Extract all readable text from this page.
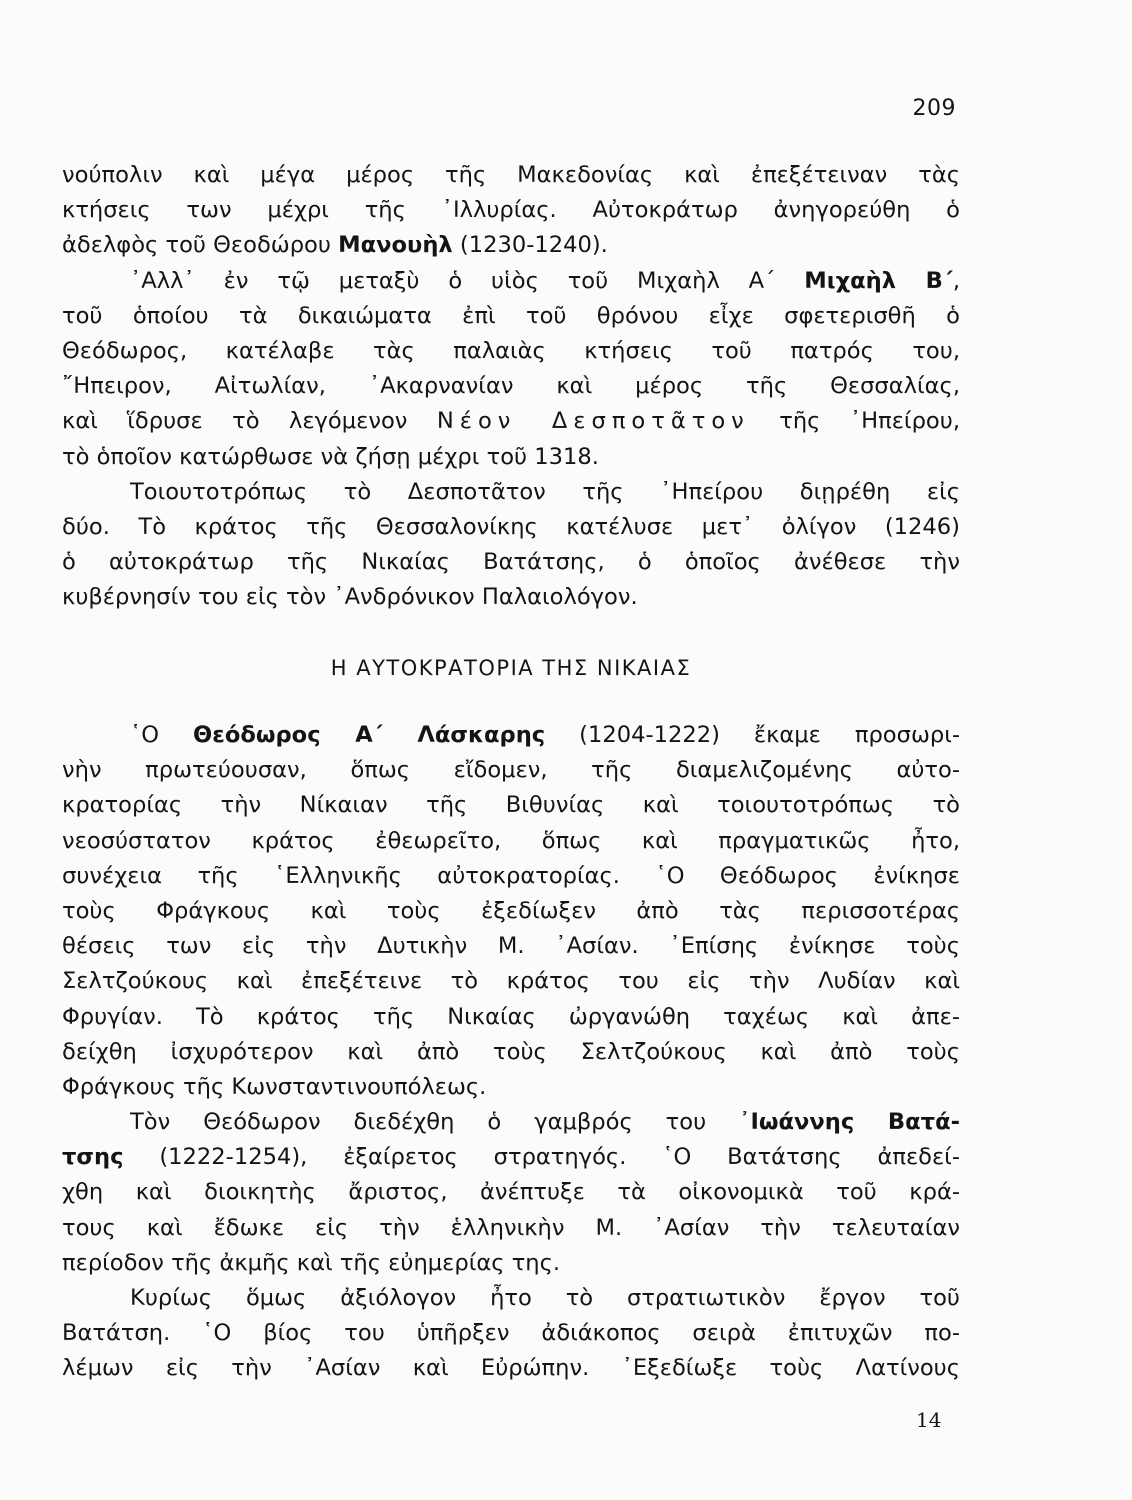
209
νούπολιν καὶ μέγα μέρος τῆς Μακεδονίας καὶ ἐπεξέτειναν τὰς
κτήσεις των μέχρι τῆς ᾿Ιλλυρίας. Αὐτοκράτωρ ἀνηγορεύθη ὁ
ἀδελφὸς τοῦ Θεοδώρου Μανουὴλ (1230-1240).
᾿Αλλ᾿ ἐν τῷ μεταξὺ ὁ υἱὸς τοῦ Μιχαὴλ Α΄ Μιχαὴλ Β΄,
τοῦ ὁποίου τὰ δικαιώματα ἐπὶ τοῦ θρόνου εἶχε σφετερισθῆ ὁ
Θεόδωρος, κατέλαβε τὰς παλαιὰς κτήσεις τοῦ πατρός του,
῎Ηπειρον, Αἰτωλίαν, ᾿Ακαρνανίαν καὶ μέρος τῆς Θεσσαλίας,
καὶ ἵδρυσε τὸ λεγόμενον Νέον Δεσποτᾶτον τῆς ᾿Ηπείρου,
τὸ ὁποῖον κατώρθωσε νὰ ζήσῃ μέχρι τοῦ 1318.
Τοιουτοτρόπως τὸ Δεσποτᾶτον τῆς ᾿Ηπείρου διῃρέθη εἰς
δύο. Τὸ κράτος τῆς Θεσσαλονίκης κατέλυσε μετ᾿ ὀλίγον (1246)
ὁ αὐτοκράτωρ τῆς Νικαίας Βατάτσης, ὁ ὁποῖος ἀνέθεσε τὴν
κυβέρνησίν του εἰς τὸν ᾿Ανδρόνικον Παλαιολόγον.
Η ΑΥΤΟΚΡΑΤΟΡΙΑ ΤΗΣ ΝΙΚΑΙΑΣ
῾Ο Θεόδωρος Α΄ Λάσκαρης (1204-1222) ἔκαμε προσωρι-
νὴν πρωτεύουσαν, ὅπως εἴδομεν, τῆς διαμελιζομένης αὐτο-
κρατορίας τὴν Νίκαιαν τῆς Βιθυνίας καὶ τοιουτοτρόπως τὸ
νεοσύστατον κράτος ἐθεωρεῖτο, ὅπως καὶ πραγματικῶς ἦτο,
συνέχεια τῆς ῾Ελληνικῆς αὐτοκρατορίας. ῾Ο Θεόδωρος ἐνίκησε
τοὺς Φράγκους καὶ τοὺς ἐξεδίωξεν ἀπὸ τὰς περισσοτέρας
θέσεις των εἰς τὴν Δυτικὴν Μ. ᾿Ασίαν. ᾿Επίσης ἐνίκησε τοὺς
Σελτζούκους καὶ ἐπεξέτεινε τὸ κράτος του εἰς τὴν Λυδίαν καὶ
Φρυγίαν. Τὸ κράτος τῆς Νικαίας ὠργανώθη ταχέως καὶ ἀπε-
δείχθη ἰσχυρότερον καὶ ἀπὸ τοὺς Σελτζούκους καὶ ἀπὸ τοὺς
Φράγκους τῆς Κωνσταντινουπόλεως.
Τὸν Θεόδωρον διεδέχθη ὁ γαμβρός του ᾿Ιωάννης Βατά-
τσης (1222-1254), ἐξαίρετος στρατηγός. ῾Ο Βατάτσης ἀπεδεί-
χθη καὶ διοικητὴς ἄριστος, ἀνέπτυξε τὰ οἰκονομικὰ τοῦ κρά-
τους καὶ ἔδωκε εἰς τὴν ἑλληνικὴν Μ. ᾿Ασίαν τὴν τελευταίαν
περίοδον τῆς ἀκμῆς καὶ τῆς εὐημερίας της.
Κυρίως ὅμως ἀξιόλογον ἦτο τὸ στρατιωτικὸν ἔργον τοῦ
Βατάτση. ῾Ο βίος του ὑπῆρξεν ἀδιάκοπος σειρὰ ἐπιτυχῶν πο-
λέμων εἰς τὴν ᾿Ασίαν καὶ Εὐρώπην. ᾿Εξεδίωξε τοὺς Λατίνους
14
